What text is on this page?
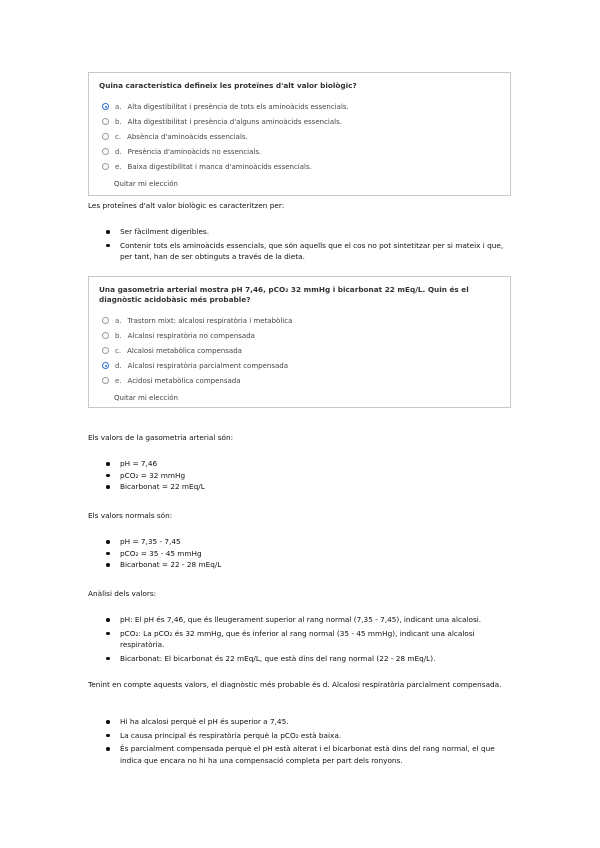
Quina característica defineix les proteïnes d'alt valor biològic?

a. Alta digestibilitat i presència de tots els aminoàcids essencials.
b. Alta digestibilitat i presència d'alguns aminoàcids essencials.
c. Absència d'aminoàcids essencials.
d. Presència d'aminoàcids no essencials.
e. Baixa digestibilitat i manca d'aminoàcids essencials.
Quitar mi elección

Les proteïnes d'alt valor biològic es caracteritzen per:

Ser fàcilment digeribles.
Contenir tots els aminoàcids essencials, que són aquells que el cos no pot sintetitzar per si mateix i que, per tant, han de ser obtinguts a través de la dieta.

Una gasometria arterial mostra pH 7,46, pCO₂ 32 mmHg i bicarbonat 22 mEq/L. Quin és el diagnòstic acidobàsic més probable?

a. Trastorn mixt: alcalosi respiratòria i metabòlica
b. Alcalosi respiratòria no compensada
c. Alcalosi metabòlica compensada
d. Alcalosi respiratòria parcialment compensada
e. Acidosi metabòlica compensada
Quitar mi elección

Els valors de la gasometria arterial són:

pH = 7,46
pCO₂ = 32 mmHg
Bicarbonat = 22 mEq/L

Els valors normals són:

pH = 7,35 - 7,45
pCO₂ = 35 - 45 mmHg
Bicarbonat = 22 - 28 mEq/L

Anàlisi dels valors:

pH: El pH és 7,46, que és lleugerament superior al rang normal (7,35 - 7,45), indicant una alcalosi.
pCO₂: La pCO₂ és 32 mmHg, que és inferior al rang normal (35 - 45 mmHg), indicant una alcalosi respiratòria.
Bicarbonat: El bicarbonat és 22 mEq/L, que està dins del rang normal (22 - 28 mEq/L).

Tenint en compte aquests valors, el diagnòstic més probable és d. Alcalosi respiratòria parcialment compensada.

Hi ha alcalosi perquè el pH és superior a 7,45.
La causa principal és respiratòria perquè la pCO₂ està baixa.
És parcialment compensada perquè el pH està alterat i el bicarbonat està dins del rang normal, el que indica que encara no hi ha una compensació completa per part dels ronyons.
